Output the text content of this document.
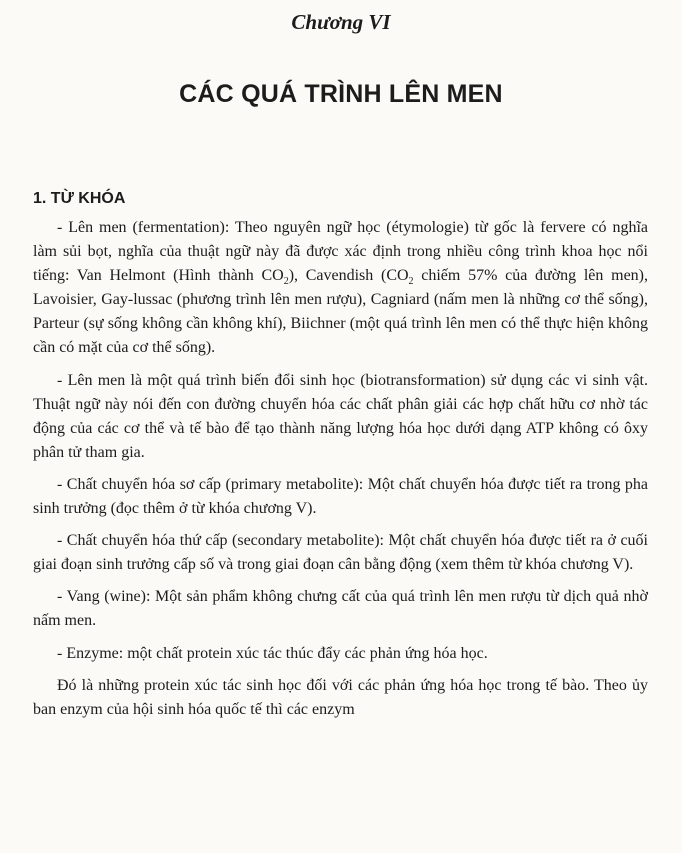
Chương VI
CÁC QUÁ TRÌNH LÊN MEN
1. TỪ KHÓA

- Lên men (fermentation): Theo nguyên ngữ học (étymologie) từ gốc là fervere có nghĩa làm sủi bọt, nghĩa của thuật ngữ này đã được xác định trong nhiều công trình khoa học nổi tiếng: Van Helmont (Hình thành $CO_2$), Cavendish ($CO_2$ chiếm 57% của đường lên men), Lavoisier, Gay-lussac (phương trình lên men rượu), Cagniard (nấm men là những cơ thể sống), Parteur (sự sống không cần không khí), Biichner (một quá trình lên men có thể thực hiện không cần có mặt của cơ thể sống).

- Lên men là một quá trình biến đổi sinh học (biotransformation) sử dụng các vi sinh vật. Thuật ngữ này nói đến con đường chuyển hóa các chất phân giải các hợp chất hữu cơ nhờ tác động của các cơ thể và tế bào để tạo thành năng lượng hóa học dưới dạng ATP không có ôxy phân tử tham gia.

- Chất chuyển hóa sơ cấp (primary metabolite): Một chất chuyển hóa được tiết ra trong pha sinh trưởng (đọc thêm ở từ khóa chương V).

- Chất chuyển hóa thứ cấp (secondary metabolite): Một chất chuyển hóa được tiết ra ở cuối giai đoạn sinh trưởng cấp số và trong giai đoạn cân bằng động (xem thêm từ khóa chương V).

- Vang (wine): Một sản phẩm không chưng cất của quá trình lên men rượu từ dịch quả nhờ nấm men.

- Enzyme: một chất protein xúc tác thúc đẩy các phản ứng hóa học.

Đó là những protein xúc tác sinh học đối với các phản ứng hóa học trong tế bào. Theo ủy ban enzym của hội sinh hóa quốc tế thì các enzym
